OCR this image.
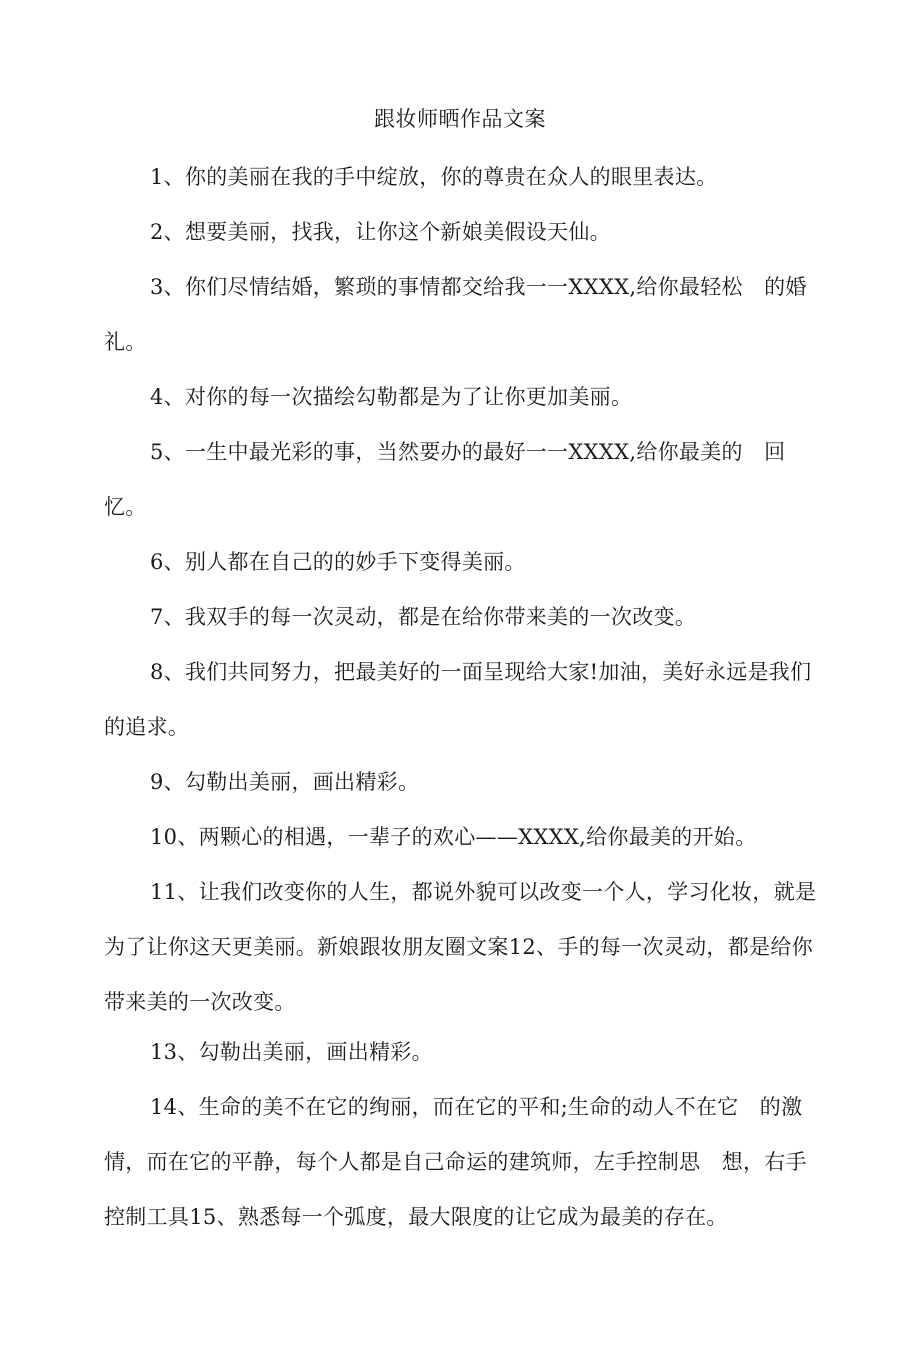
跟妆师晒作品文案
1、你的美丽在我的手中绽放，你的尊贵在众人的眼里表达。
2、想要美丽，找我，让你这个新娘美假设天仙。
3、你们尽情结婚，繁琐的事情都交给我一一XXXX,给你最轻松　的婚礼。
4、对你的每一次描绘勾勒都是为了让你更加美丽。
5、一生中最光彩的事，当然要办的最好一一XXXX,给你最美的　回忆。
6、别人都在自己的的妙手下变得美丽。
7、我双手的每一次灵动，都是在给你带来美的一次改变。
8、我们共同努力，把最美好的一面呈现给大家!加油，美好永远是我们的追求。
9、勾勒出美丽，画出精彩。
10、两颗心的相遇，一辈子的欢心——XXXX,给你最美的开始。
11、让我们改变你的人生，都说外貌可以改变一个人，学习化妆，就是为了让你这天更美丽。新娘跟妆朋友圈文案12、手的每一次灵动，都是给你带来美的一次改变。
13、勾勒出美丽，画出精彩。
14、生命的美不在它的绚丽，而在它的平和;生命的动人不在它　的激情，而在它的平静，每个人都是自己命运的建筑师，左手控制思　想，右手控制工具15、熟悉每一个弧度，最大限度的让它成为最美的存在。
